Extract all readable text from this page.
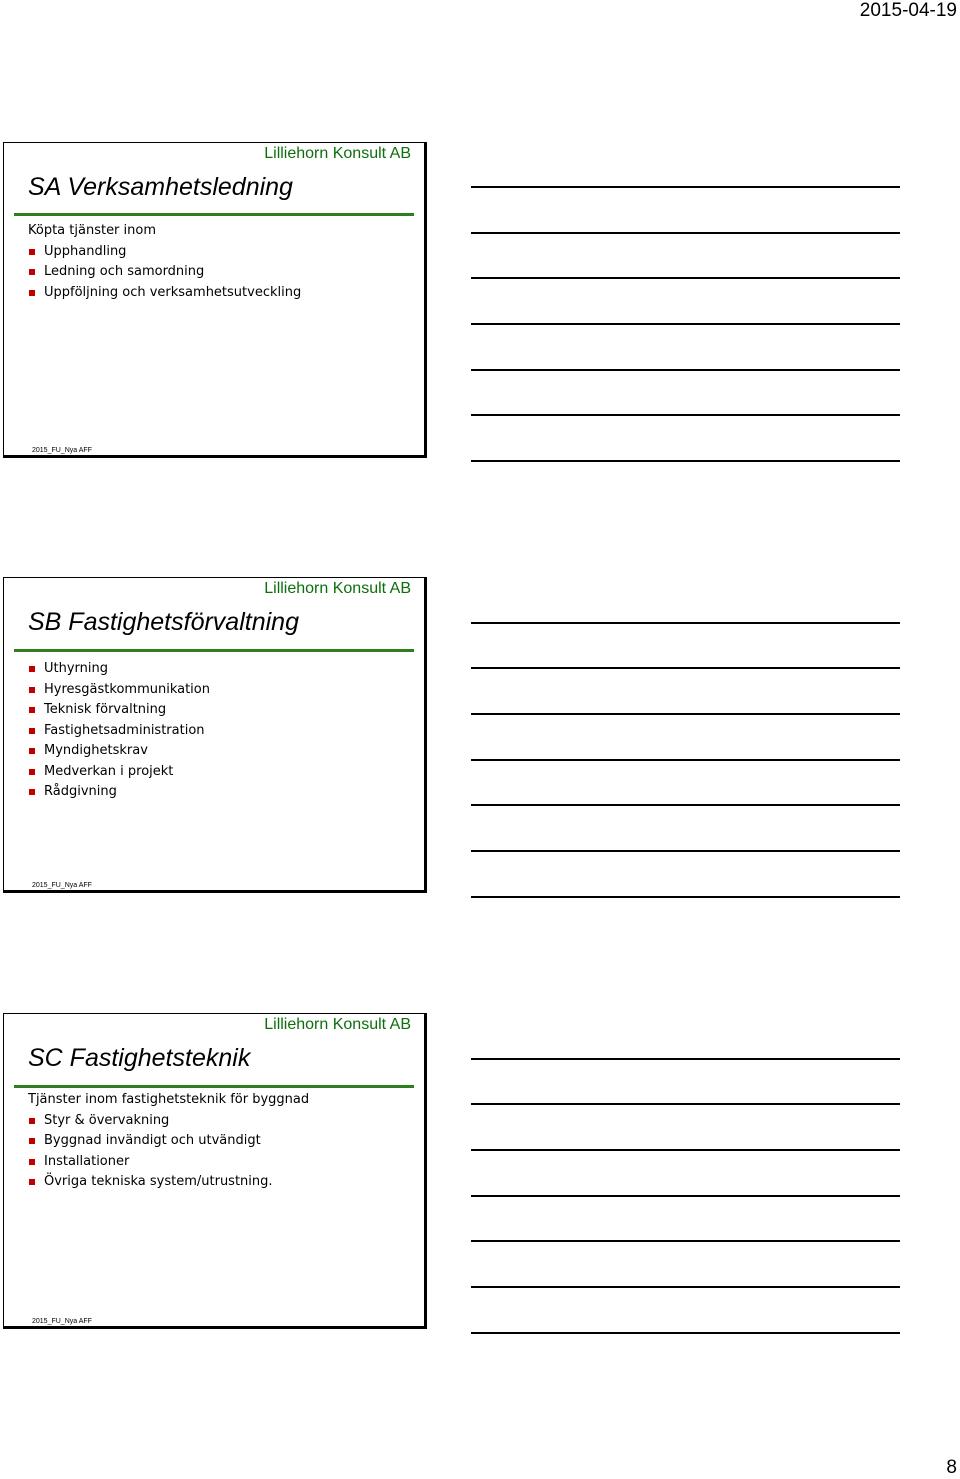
2015-04-19
Lilliehorn Konsult AB
SA Verksamhetsledning
Köpta tjänster inom
Upphandling
Ledning och samordning
Uppföljning och verksamhetsutveckling
2015_FU_Nya AFF
Lilliehorn Konsult AB
SB Fastighetsförvaltning
Uthyrning
Hyresgästkommunikation
Teknisk förvaltning
Fastighetsadministration
Myndighetskrav
Medverkan i projekt
Rådgivning
2015_FU_Nya AFF
Lilliehorn Konsult AB
SC Fastighetsteknik
Tjänster inom fastighetsteknik för byggnad
Styr & övervakning
Byggnad invändigt och utvändigt
Installationer
Övriga tekniska system/utrustning.
2015_FU_Nya AFF
8
